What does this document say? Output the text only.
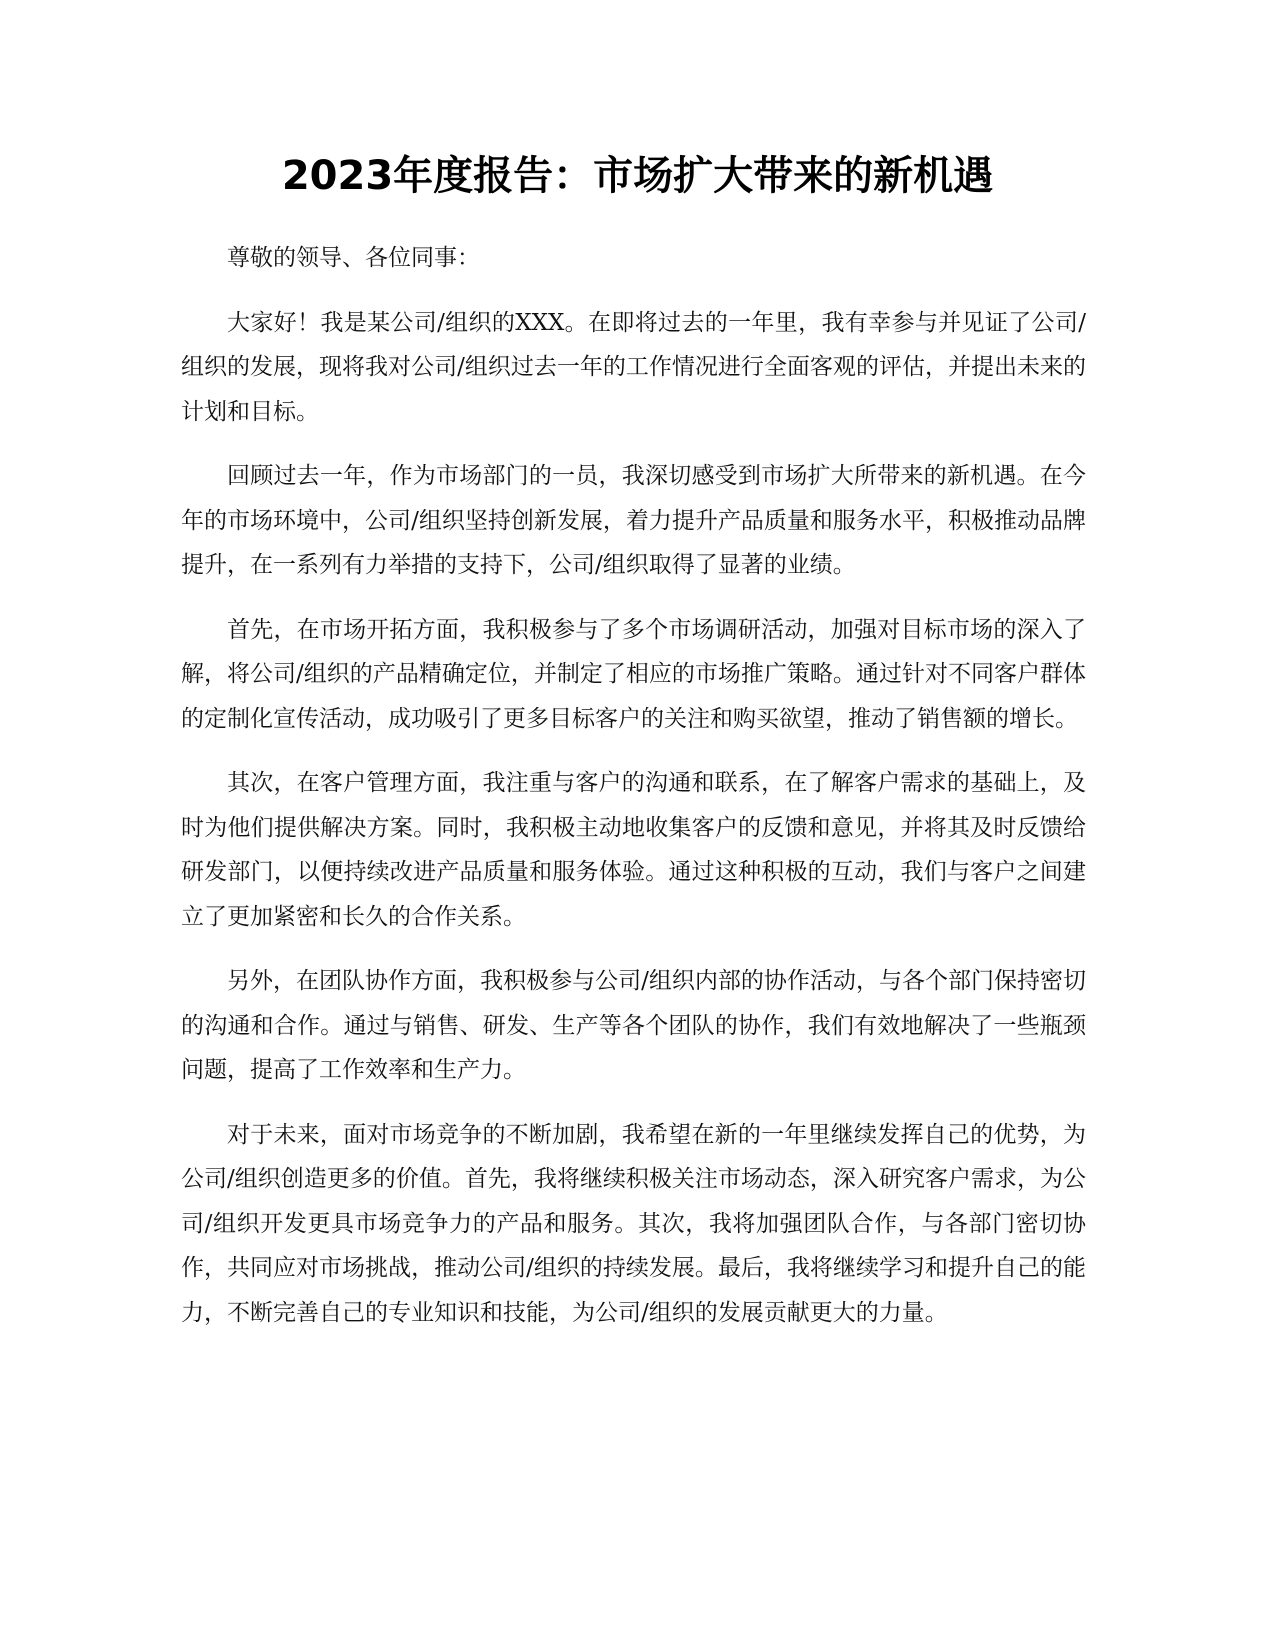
2023年度报告：市场扩大带来的新机遇

尊敬的领导、各位同事：

大家好！我是某公司/组织的XXX。在即将过去的一年里，我有幸参与并见证了公司/组织的发展，现将我对公司/组织过去一年的工作情况进行全面客观的评估，并提出未来的计划和目标。

回顾过去一年，作为市场部门的一员，我深切感受到市场扩大所带来的新机遇。在今年的市场环境中，公司/组织坚持创新发展，着力提升产品质量和服务水平，积极推动品牌提升，在一系列有力举措的支持下，公司/组织取得了显著的业绩。

首先，在市场开拓方面，我积极参与了多个市场调研活动，加强对目标市场的深入了解，将公司/组织的产品精确定位，并制定了相应的市场推广策略。通过针对不同客户群体的定制化宣传活动，成功吸引了更多目标客户的关注和购买欲望，推动了销售额的增长。

其次，在客户管理方面，我注重与客户的沟通和联系，在了解客户需求的基础上，及时为他们提供解决方案。同时，我积极主动地收集客户的反馈和意见，并将其及时反馈给研发部门，以便持续改进产品质量和服务体验。通过这种积极的互动，我们与客户之间建立了更加紧密和长久的合作关系。

另外，在团队协作方面，我积极参与公司/组织内部的协作活动，与各个部门保持密切的沟通和合作。通过与销售、研发、生产等各个团队的协作，我们有效地解决了一些瓶颈问题，提高了工作效率和生产力。

对于未来，面对市场竞争的不断加剧，我希望在新的一年里继续发挥自己的优势，为公司/组织创造更多的价值。首先，我将继续积极关注市场动态，深入研究客户需求，为公司/组织开发更具市场竞争力的产品和服务。其次，我将加强团队合作，与各部门密切协作，共同应对市场挑战，推动公司/组织的持续发展。最后，我将继续学习和提升自己的能力，不断完善自己的专业知识和技能，为公司/组织的发展贡献更大的力量。
